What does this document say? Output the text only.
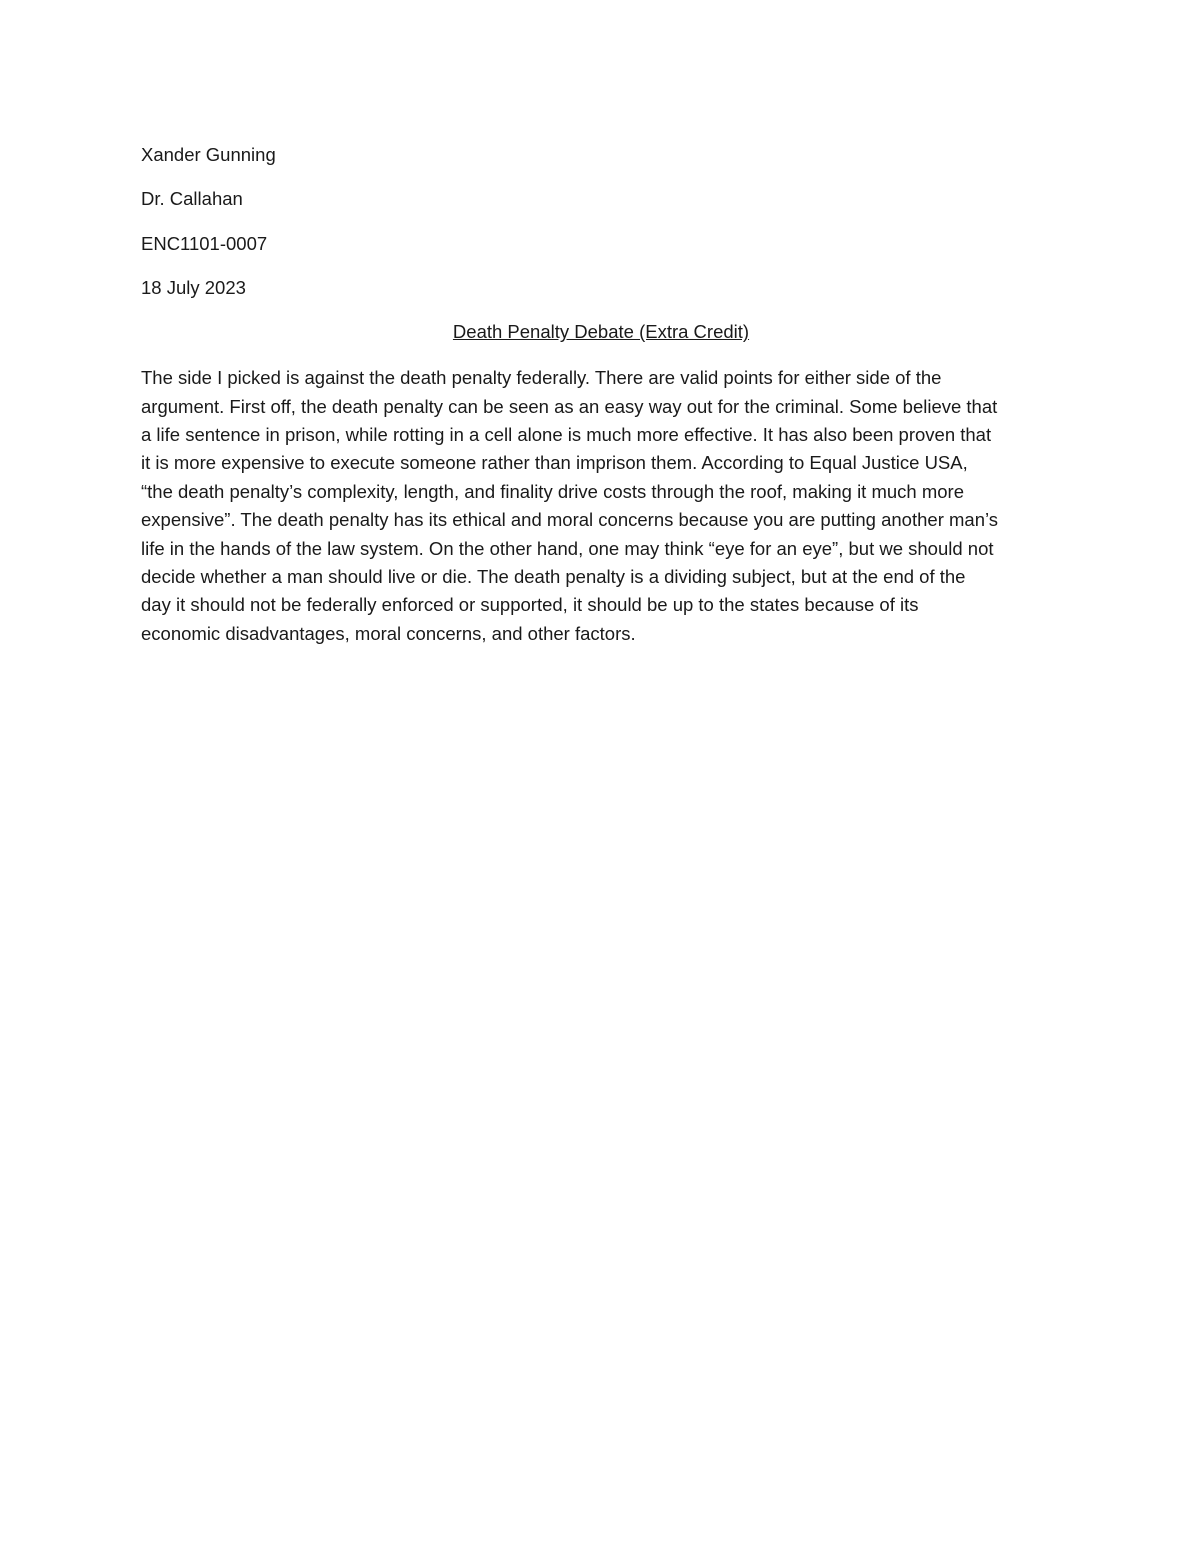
Xander Gunning

Dr. Callahan

ENC1101-0007

18 July 2023

Death Penalty Debate (Extra Credit)

The side I picked is against the death penalty federally. There are valid points for either side of the

argument. First off, the death penalty can be seen as an easy way out for the criminal. Some believe that

a life sentence in prison, while rotting in a cell alone is much more effective. It has also been proven that

it is more expensive to execute someone rather than imprison them. According to Equal Justice USA,

“the death penalty’s complexity, length, and finality drive costs through the roof, making it much more

expensive”. The death penalty has its ethical and moral concerns because you are putting another man’s

life in the hands of the law system. On the other hand, one may think “eye for an eye”, but we should not

decide whether a man should live or die. The death penalty is a dividing subject, but at the end of the

day it should not be federally enforced or supported, it should be up to the states because of its

economic disadvantages, moral concerns, and other factors.
